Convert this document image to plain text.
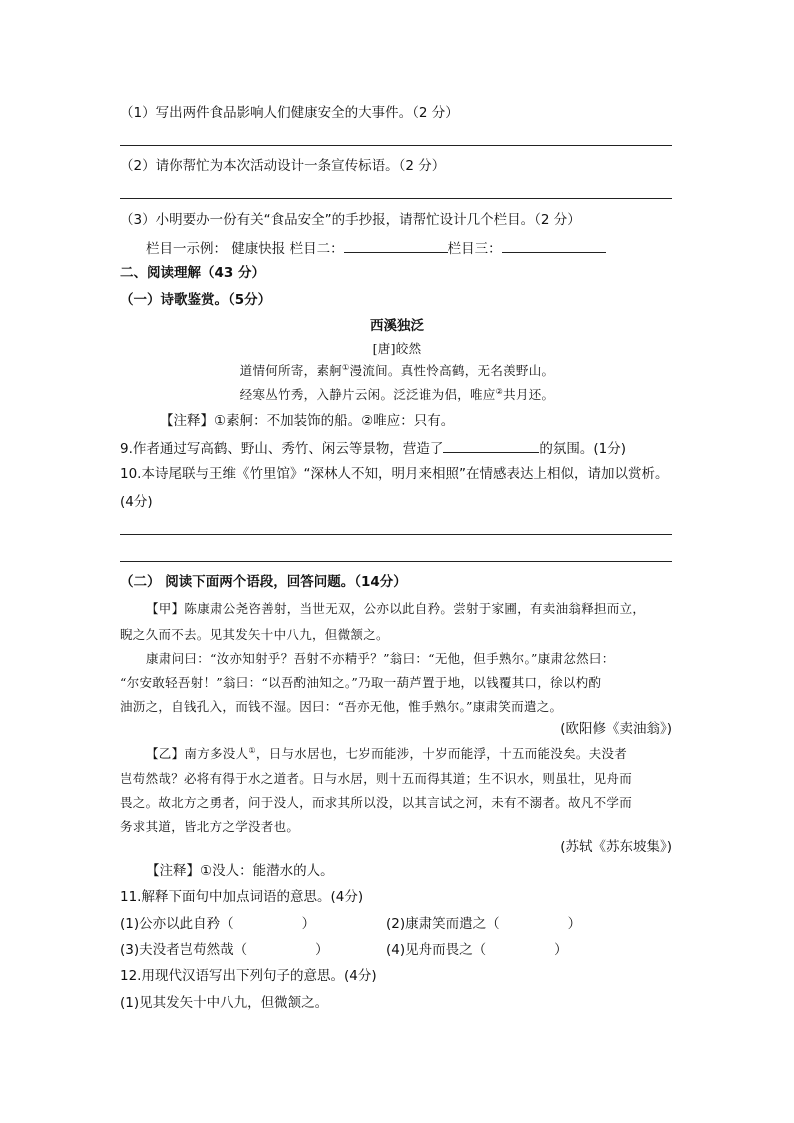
（1）写出两件食品影响人们健康安全的大事件。（2 分）
（2）请你帮忙为本次活动设计一条宣传标语。（2 分）
（3）小明要办一份有关“食品安全”的手抄报，请帮忙设计几个栏目。（2 分）
栏目一示例： 健康快报 栏目二：	栏目三：
二、阅读理解（43 分）
（一）诗歌鉴赏。（5分）
西溪独泛
[唐]皎然
道情何所寄，素舸①漫流间。真性怜高鹤，无名羡野山。
经寒丛竹秀，入静片云闲。泛泛谁为侣，唯应②共月还。
【注释】①素舸：不加装饰的船。②唯应：只有。
9.作者通过写高鹤、野山、秀竹、闲云等景物，营造了	的氛围。(1分)
10.本诗尾联与王维《竹里馆》“深林人不知，明月来相照”在情感表达上相似，请加以赏析。
(4分)
（二） 阅读下面两个语段，回答问题。（14分）
【甲】陈康肃公尧咨善射，当世无双，公亦以此自矜。尝射于家圃，有卖油翁释担而立，
睨之久而不去。见其发矢十中八九，但微颔之。
康肃问曰：“汝亦知射乎？吾射不亦精乎？”翁曰：“无他，但手熟尔。”康肃忿然曰：
“尔安敢轻吾射！”翁曰：“以吾酌油知之。”乃取一葫芦置于地，以钱覆其口，徐以杓酌
油沥之，自钱孔入，而钱不湿。因曰：“吾亦无他，惟手熟尔。”康肃笑而遣之。
(欧阳修《卖油翁》)
【乙】南方多没人①，日与水居也，七岁而能涉，十岁而能浮，十五而能没矣。夫没者
岂苟然哉？必将有得于水之道者。日与水居，则十五而得其道；生不识水，则虽壮，见舟而
畏之。故北方之勇者，问于没人，而求其所以没，以其言试之河，未有不溺者。故凡不学而
务求其道，皆北方之学没者也。
(苏轼《苏东坡集》)
【注释】①没人：能潜水的人。
11.解释下面句中加点词语的意思。(4分)
(1)公亦以此自矜（	）	(2)康肃笑而遣之（	）
(3)夫没者岂苟然哉（	）	(4)见舟而畏之（	）
12.用现代汉语写出下列句子的意思。(4分)
(1)见其发矢十中八九，但微颔之。
